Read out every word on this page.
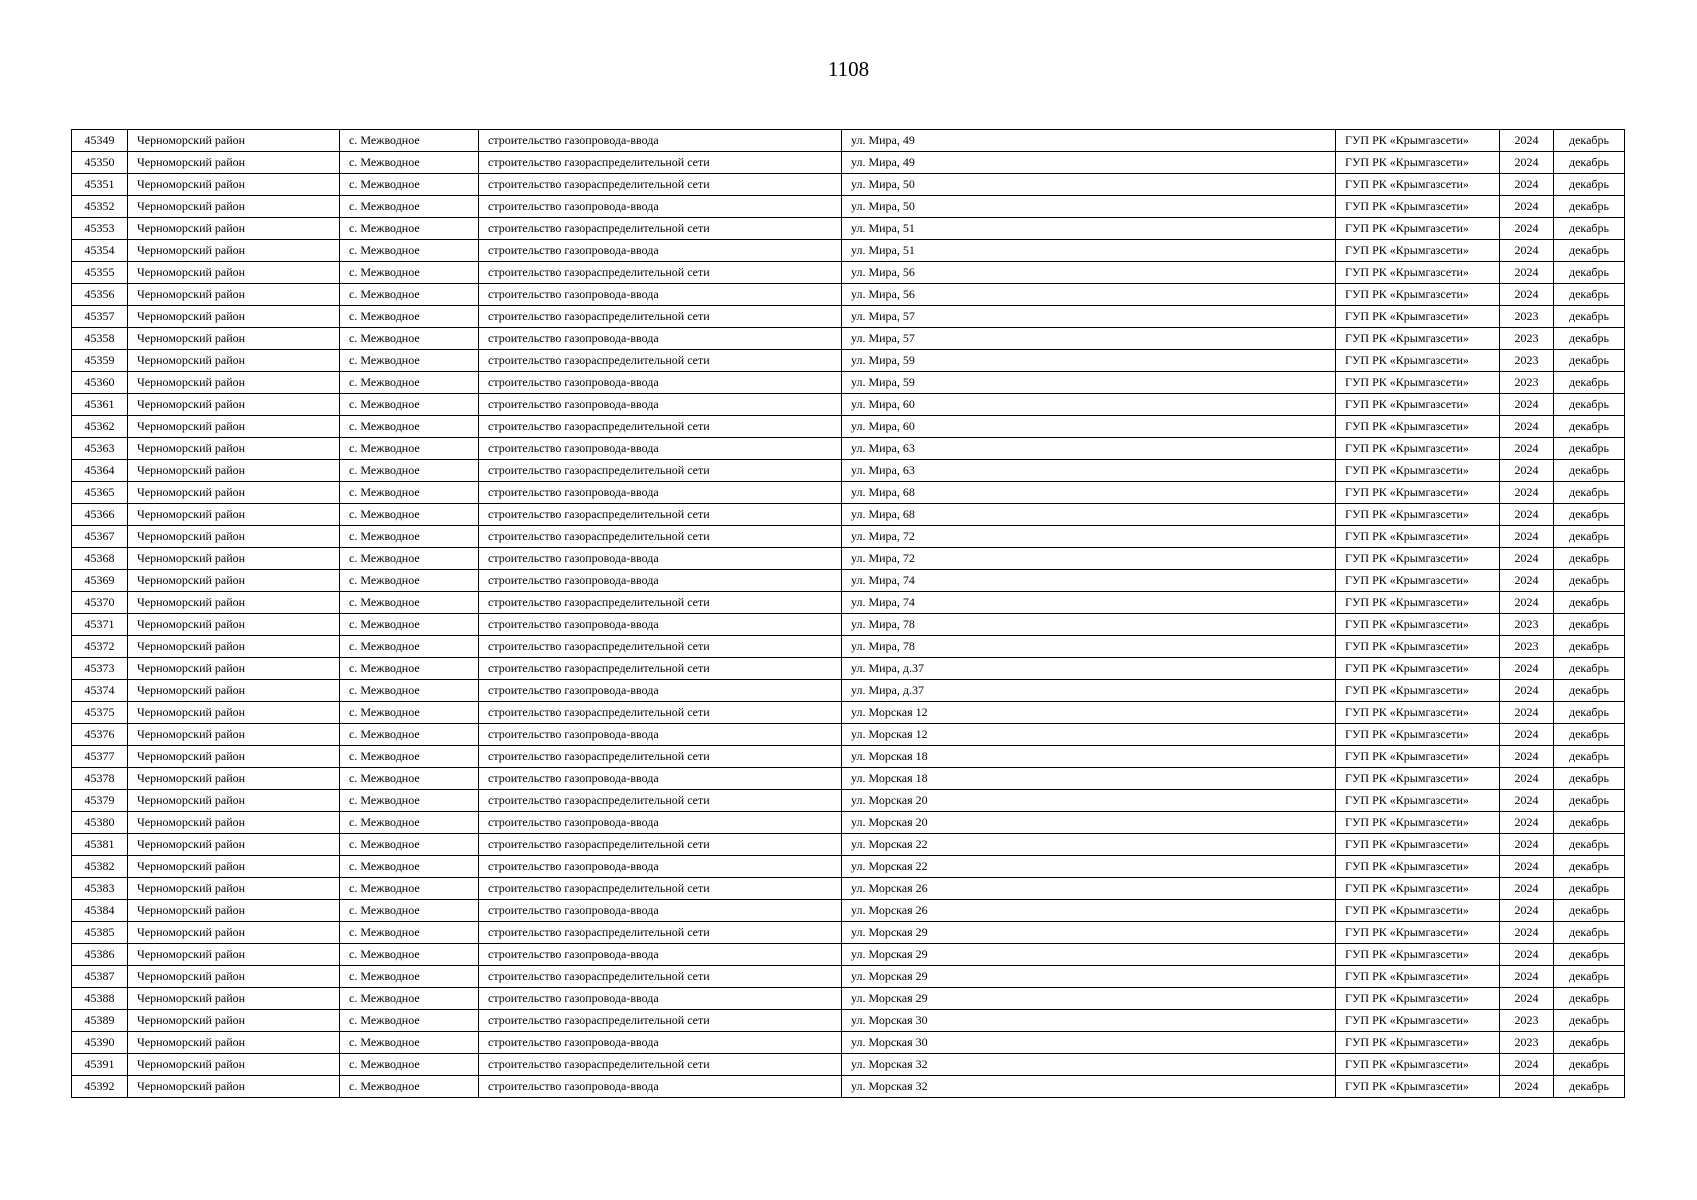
1108
45349	Черноморский район	с. Межводное	строительство газопровода-ввода	ул. Мира, 49	ГУП РК «Крымгазсети»	2024	декабрь
45350	Черноморский район	с. Межводное	строительство газораспределительной сети	ул. Мира, 49	ГУП РК «Крымгазсети»	2024	декабрь
45351	Черноморский район	с. Межводное	строительство газораспределительной сети	ул. Мира, 50	ГУП РК «Крымгазсети»	2024	декабрь
45352	Черноморский район	с. Межводное	строительство газопровода-ввода	ул. Мира, 50	ГУП РК «Крымгазсети»	2024	декабрь
45353	Черноморский район	с. Межводное	строительство газораспределительной сети	ул. Мира, 51	ГУП РК «Крымгазсети»	2024	декабрь
45354	Черноморский район	с. Межводное	строительство газопровода-ввода	ул. Мира, 51	ГУП РК «Крымгазсети»	2024	декабрь
45355	Черноморский район	с. Межводное	строительство газораспределительной сети	ул. Мира, 56	ГУП РК «Крымгазсети»	2024	декабрь
45356	Черноморский район	с. Межводное	строительство газопровода-ввода	ул. Мира, 56	ГУП РК «Крымгазсети»	2024	декабрь
45357	Черноморский район	с. Межводное	строительство газораспределительной сети	ул. Мира, 57	ГУП РК «Крымгазсети»	2023	декабрь
45358	Черноморский район	с. Межводное	строительство газопровода-ввода	ул. Мира, 57	ГУП РК «Крымгазсети»	2023	декабрь
45359	Черноморский район	с. Межводное	строительство газораспределительной сети	ул. Мира, 59	ГУП РК «Крымгазсети»	2023	декабрь
45360	Черноморский район	с. Межводное	строительство газопровода-ввода	ул. Мира, 59	ГУП РК «Крымгазсети»	2023	декабрь
45361	Черноморский район	с. Межводное	строительство газопровода-ввода	ул. Мира, 60	ГУП РК «Крымгазсети»	2024	декабрь
45362	Черноморский район	с. Межводное	строительство газораспределительной сети	ул. Мира, 60	ГУП РК «Крымгазсети»	2024	декабрь
45363	Черноморский район	с. Межводное	строительство газопровода-ввода	ул. Мира, 63	ГУП РК «Крымгазсети»	2024	декабрь
45364	Черноморский район	с. Межводное	строительство газораспределительной сети	ул. Мира, 63	ГУП РК «Крымгазсети»	2024	декабрь
45365	Черноморский район	с. Межводное	строительство газопровода-ввода	ул. Мира, 68	ГУП РК «Крымгазсети»	2024	декабрь
45366	Черноморский район	с. Межводное	строительство газораспределительной сети	ул. Мира, 68	ГУП РК «Крымгазсети»	2024	декабрь
45367	Черноморский район	с. Межводное	строительство газораспределительной сети	ул. Мира, 72	ГУП РК «Крымгазсети»	2024	декабрь
45368	Черноморский район	с. Межводное	строительство газопровода-ввода	ул. Мира, 72	ГУП РК «Крымгазсети»	2024	декабрь
45369	Черноморский район	с. Межводное	строительство газопровода-ввода	ул. Мира, 74	ГУП РК «Крымгазсети»	2024	декабрь
45370	Черноморский район	с. Межводное	строительство газораспределительной сети	ул. Мира, 74	ГУП РК «Крымгазсети»	2024	декабрь
45371	Черноморский район	с. Межводное	строительство газопровода-ввода	ул. Мира, 78	ГУП РК «Крымгазсети»	2023	декабрь
45372	Черноморский район	с. Межводное	строительство газораспределительной сети	ул. Мира, 78	ГУП РК «Крымгазсети»	2023	декабрь
45373	Черноморский район	с. Межводное	строительство газораспределительной сети	ул. Мира, д.37	ГУП РК «Крымгазсети»	2024	декабрь
45374	Черноморский район	с. Межводное	строительство газопровода-ввода	ул. Мира, д.37	ГУП РК «Крымгазсети»	2024	декабрь
45375	Черноморский район	с. Межводное	строительство газораспределительной сети	ул. Морская 12	ГУП РК «Крымгазсети»	2024	декабрь
45376	Черноморский район	с. Межводное	строительство газопровода-ввода	ул. Морская 12	ГУП РК «Крымгазсети»	2024	декабрь
45377	Черноморский район	с. Межводное	строительство газораспределительной сети	ул. Морская 18	ГУП РК «Крымгазсети»	2024	декабрь
45378	Черноморский район	с. Межводное	строительство газопровода-ввода	ул. Морская 18	ГУП РК «Крымгазсети»	2024	декабрь
45379	Черноморский район	с. Межводное	строительство газораспределительной сети	ул. Морская 20	ГУП РК «Крымгазсети»	2024	декабрь
45380	Черноморский район	с. Межводное	строительство газопровода-ввода	ул. Морская 20	ГУП РК «Крымгазсети»	2024	декабрь
45381	Черноморский район	с. Межводное	строительство газораспределительной сети	ул. Морская 22	ГУП РК «Крымгазсети»	2024	декабрь
45382	Черноморский район	с. Межводное	строительство газопровода-ввода	ул. Морская 22	ГУП РК «Крымгазсети»	2024	декабрь
45383	Черноморский район	с. Межводное	строительство газораспределительной сети	ул. Морская 26	ГУП РК «Крымгазсети»	2024	декабрь
45384	Черноморский район	с. Межводное	строительство газопровода-ввода	ул. Морская 26	ГУП РК «Крымгазсети»	2024	декабрь
45385	Черноморский район	с. Межводное	строительство газораспределительной сети	ул. Морская 29	ГУП РК «Крымгазсети»	2024	декабрь
45386	Черноморский район	с. Межводное	строительство газопровода-ввода	ул. Морская 29	ГУП РК «Крымгазсети»	2024	декабрь
45387	Черноморский район	с. Межводное	строительство газораспределительной сети	ул. Морская 29	ГУП РК «Крымгазсети»	2024	декабрь
45388	Черноморский район	с. Межводное	строительство газопровода-ввода	ул. Морская 29	ГУП РК «Крымгазсети»	2024	декабрь
45389	Черноморский район	с. Межводное	строительство газораспределительной сети	ул. Морская 30	ГУП РК «Крымгазсети»	2023	декабрь
45390	Черноморский район	с. Межводное	строительство газопровода-ввода	ул. Морская 30	ГУП РК «Крымгазсети»	2023	декабрь
45391	Черноморский район	с. Межводное	строительство газораспределительной сети	ул. Морская 32	ГУП РК «Крымгазсети»	2024	декабрь
45392	Черноморский район	с. Межводное	строительство газопровода-ввода	ул. Морская 32	ГУП РК «Крымгазсети»	2024	декабрь
